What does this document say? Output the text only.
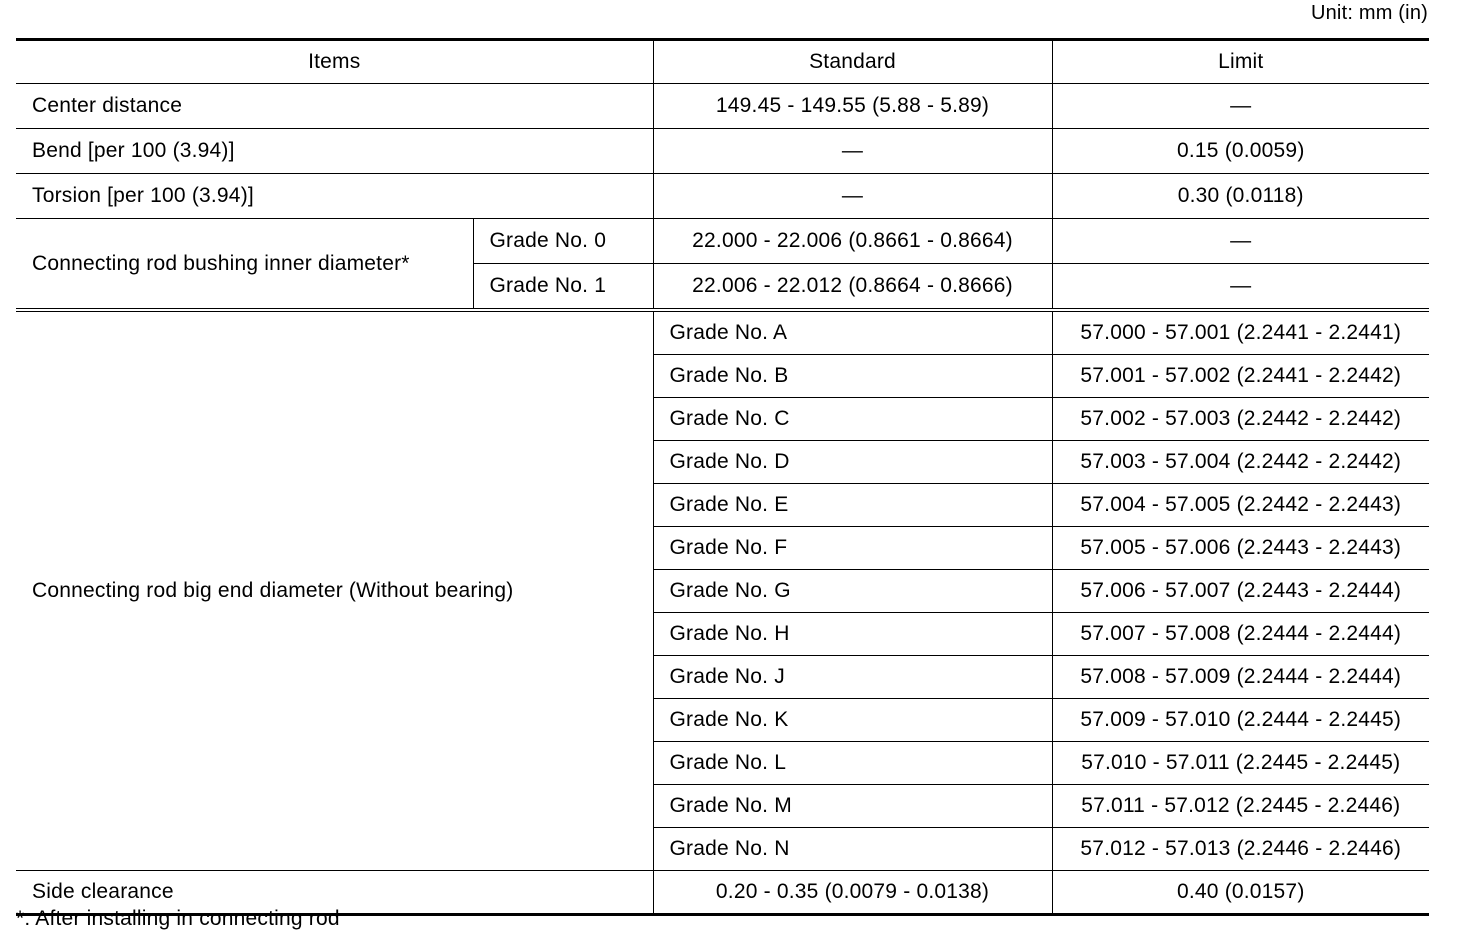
Unit: mm (in)
Items		Standard	Limit
Center distance		149.45 - 149.55 (5.88 - 5.89)	—
Bend [per 100 (3.94)]		—	0.15 (0.0059)
Torsion [per 100 (3.94)]		—	0.30 (0.0118)
Connecting rod bushing inner diameter*	Grade No. 0	22.000 - 22.006 (0.8661 - 0.8664)	—
	Grade No. 1	22.006 - 22.012 (0.8664 - 0.8666)	—
Connecting rod big end diameter (Without bearing)		Grade No. A	57.000 - 57.001 (2.2441 - 2.2441)
		Grade No. B	57.001 - 57.002 (2.2441 - 2.2442)
		Grade No. C	57.002 - 57.003 (2.2442 - 2.2442)
		Grade No. D	57.003 - 57.004 (2.2442 - 2.2442)
		Grade No. E	57.004 - 57.005 (2.2442 - 2.2443)
		Grade No. F	57.005 - 57.006 (2.2443 - 2.2443)
		Grade No. G	57.006 - 57.007 (2.2443 - 2.2444)
		Grade No. H	57.007 - 57.008 (2.2444 - 2.2444)
		Grade No. J	57.008 - 57.009 (2.2444 - 2.2444)
		Grade No. K	57.009 - 57.010 (2.2444 - 2.2445)
		Grade No. L	57.010 - 57.011 (2.2445 - 2.2445)
		Grade No. M	57.011 - 57.012 (2.2445 - 2.2446)
		Grade No. N	57.012 - 57.013 (2.2446 - 2.2446)
Side clearance		0.20 - 0.35 (0.0079 - 0.0138)	0.40 (0.0157)
*: After installing in connecting rod
